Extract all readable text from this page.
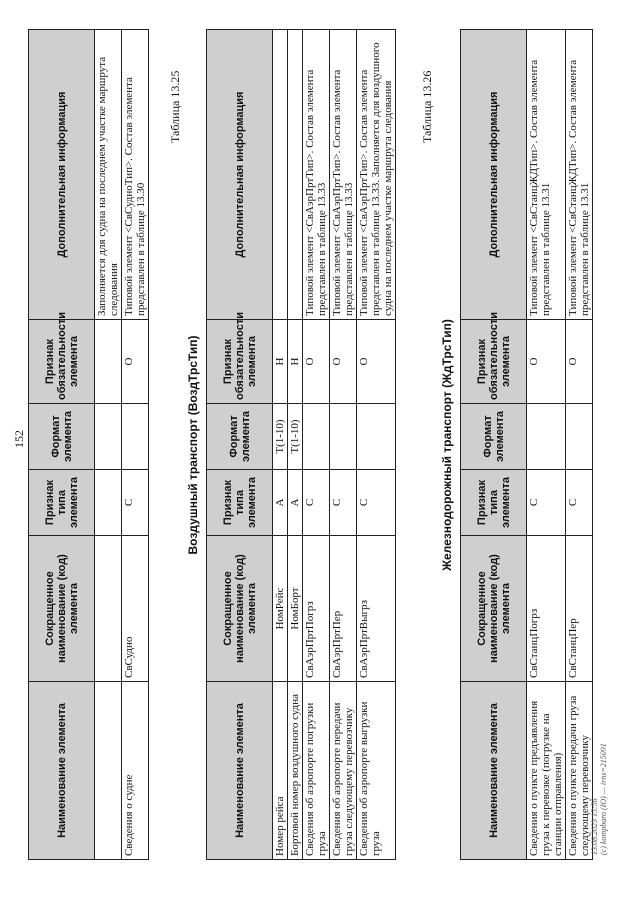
152
Наименование элемента	Сокращенное наименование (код) элемента	Признак типа элемента	Формат элемента	Признак обязательности элемента	Дополнительная информация
					Заполняется для судна на последнем участке маршрута следования
Сведения о судне	СвСудно	С		О	Типовой элемент <СвСудноТип>. Состав элемента представлен в таблице 13.30
Таблица 13.25
Воздушный транспорт (ВоздТрсТип)
Наименование элемента	Сокращенное наименование (код) элемента	Признак типа элемента	Формат элемента	Признак обязательности элемента	Дополнительная информация
Номер рейса	НомРейс	А	T(1-10)	Н	
Бортовой номер воздушного судна	НомБорт	А	T(1-10)	Н	
Сведения об аэропорте погрузки груза	СвАэрПртПогрз	С		О	Типовой элемент <СвАэрПртТип>. Состав элемента представлен в таблице 13.33
Сведения об аэропорте передачи груза следующему перевозчику	СвАэрПртПер	С		О	Типовой элемент <СвАэрПртТип>. Состав элемента представлен в таблице 13.33
Сведения об аэропорте выгрузки груза	СвАэрПртВыгрз	С		О	Типовой элемент <СвАэрПртТип>. Состав элемента представлен в таблице 13.33. Заполняется для воздушного судна на последнем участке маршрута следования Таблица 13.26
Железнодорожный транспорт (ЖдТрсТип)
Наименование элемента	Сокращенное наименование (код) элемента	Признак типа элемента	Формат элемента	Признак обязательности элемента	Дополнительная информация
Сведения о пункте предъявления груза к перевозке (погрузке на станции отправления)	СвСтанцПогрз	С		О	Типовой элемент <СвСтанцЖДТип>. Состав элемента представлен в таблице 13.31
Сведения о пункте передачи груза следующему перевозчику	СвСтанцПер	С		О	Типовой элемент <СвСтанцЖДТип>. Состав элемента представлен в таблице 13.31
13.08.2023 15:56 (c) kompbaro (IO) — irns=215091
